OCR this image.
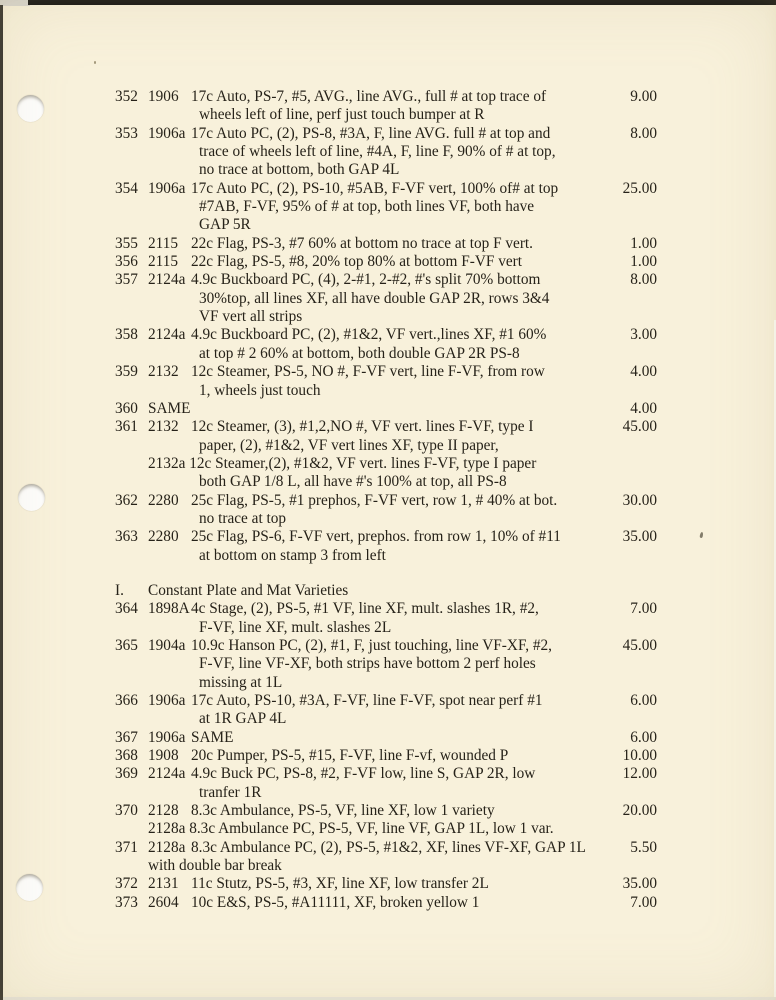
352 1906 17c Auto, PS-7, #5, AVG., line AVG., full # at top trace of	9.00
wheels left of line, perf just touch bumper at R
353 1906a 17c Auto PC, (2), PS-8, #3A, F, line AVG. full # at top and	8.00
trace of wheels left of line, #4A, F, line F, 90% of # at top,
no trace at bottom, both GAP 4L
354 1906a 17c Auto PC, (2), PS-10, #5AB, F-VF vert, 100% of# at top	25.00
#7AB, F-VF, 95% of # at top, both lines VF, both have
GAP 5R
355 2115 22c Flag, PS-3, #7 60% at bottom no trace at top F vert.	1.00
356 2115 22c Flag, PS-5, #8, 20% top 80% at bottom F-VF vert	1.00
357 2124a 4.9c Buckboard PC, (4), 2-#1, 2-#2, #'s split 70% bottom	8.00
30%top, all lines XF, all have double GAP 2R, rows 3&4
VF vert all strips
358 2124a 4.9c Buckboard PC, (2), #1&2, VF vert.,lines XF, #1 60%	3.00
at top # 2 60% at bottom, both double GAP 2R PS-8
359 2132 12c Steamer, PS-5, NO #, F-VF vert, line F-VF, from row	4.00
1, wheels just touch
360 SAME	4.00
361 2132 12c Steamer, (3), #1,2,NO #, VF vert. lines F-VF, type I	45.00
paper, (2), #1&2, VF vert lines XF, type II paper,
2132a 12c Steamer,(2), #1&2, VF vert. lines F-VF, type I paper
both GAP 1/8 L, all have #'s 100% at top, all PS-8
362 2280 25c Flag, PS-5, #1 prephos, F-VF vert, row 1, # 40% at bot.	30.00
no trace at top
363 2280 25c Flag, PS-6, F-VF vert, prephos. from row 1, 10% of #11	35.00
at bottom on stamp 3 from left
I. Constant Plate and Mat Varieties
364 1898A 4c Stage, (2), PS-5, #1 VF, line XF, mult. slashes 1R, #2,	7.00
F-VF, line XF, mult. slashes 2L
365 1904a 10.9c Hanson PC, (2), #1, F, just touching, line VF-XF, #2,	45.00
F-VF, line VF-XF, both strips have bottom 2 perf holes
missing at 1L
366 1906a 17c Auto, PS-10, #3A, F-VF, line F-VF, spot near perf #1	6.00
at 1R GAP 4L
367 1906a SAME	6.00
368 1908 20c Pumper, PS-5, #15, F-VF, line F-vf, wounded P	10.00
369 2124a 4.9c Buck PC, PS-8, #2, F-VF low, line S, GAP 2R, low	12.00
tranfer 1R
370 2128 8.3c Ambulance, PS-5, VF, line XF, low 1 variety	20.00
2128a 8.3c Ambulance PC, PS-5, VF, line VF, GAP 1L, low 1 var.
371 2128a 8.3c Ambulance PC, (2), PS-5, #1&2, XF, lines VF-XF, GAP 1L	5.50
with double bar break
372 2131 11c Stutz, PS-5, #3, XF, line XF, low transfer 2L	35.00
373 2604 10c E&S, PS-5, #A11111, XF, broken yellow 1	7.00
